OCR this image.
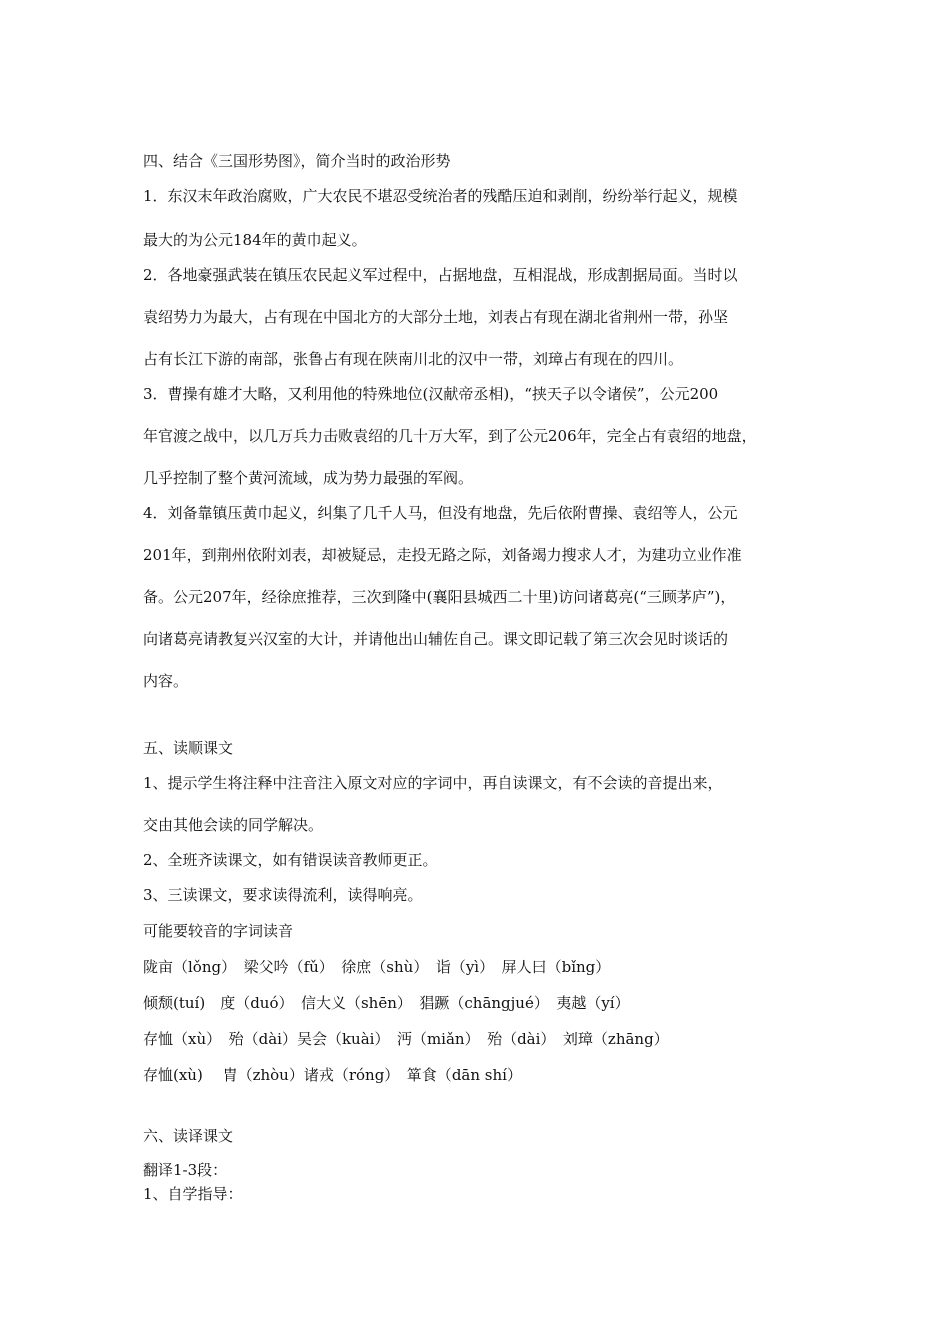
四、结合《三国形势图》，简介当时的政治形势

1．东汉末年政治腐败，广大农民不堪忍受统治者的残酷压迫和剥削，纷纷举行起义，规模

最大的为公元184年的黄巾起义。

2．各地豪强武装在镇压农民起义军过程中，占据地盘，互相混战，形成割据局面。当时以

袁绍势力为最大，占有现在中国北方的大部分土地，刘表占有现在湖北省荆州一带，孙坚

占有长江下游的南部，张鲁占有现在陕南川北的汉中一带，刘璋占有现在的四川。

3．曹操有雄才大略，又利用他的特殊地位(汉献帝丞相)，“挟天子以令诸侯”，公元200

年官渡之战中，以几万兵力击败袁绍的几十万大军，到了公元206年，完全占有袁绍的地盘，

几乎控制了整个黄河流域，成为势力最强的军阀。

4．刘备靠镇压黄巾起义，纠集了几千人马，但没有地盘，先后依附曹操、袁绍等人，公元

201年，到荆州依附刘表，却被疑忌，走投无路之际，刘备竭力搜求人才，为建功立业作准

备。公元207年，经徐庶推荐，三次到隆中(襄阳县城西二十里)访问诸葛亮(“三顾茅庐”)，

向诸葛亮请教复兴汉室的大计，并请他出山辅佐自己。课文即记载了第三次会见时谈话的

内容。

五、读顺课文

1、提示学生将注释中注音注入原文对应的字词中，再自读课文，有不会读的音提出来，

交由其他会读的同学解决。

2、全班齐读课文，如有错误读音教师更正。

3、三读课文，要求读得流利，读得响亮。

可能要较音的字词读音

陇亩（lǒng）　梁父吟（fǔ）　徐庶（shù）　诣（yì）　屏人曰（bǐng）

倾颓(tuí)　度（duó）　信大义（shēn）　猖蹶（chāngjué）　夷越（yí）

存恤（xù）　殆（dài）吴会（kuài）　沔（miǎn）　殆（dài）　刘璋（zhāng）

存恤(xù)　 胄（zhòu）诸戎（róng）　箪食（dān shí）

六、读译课文

翻译1-3段：

1、自学指导：
